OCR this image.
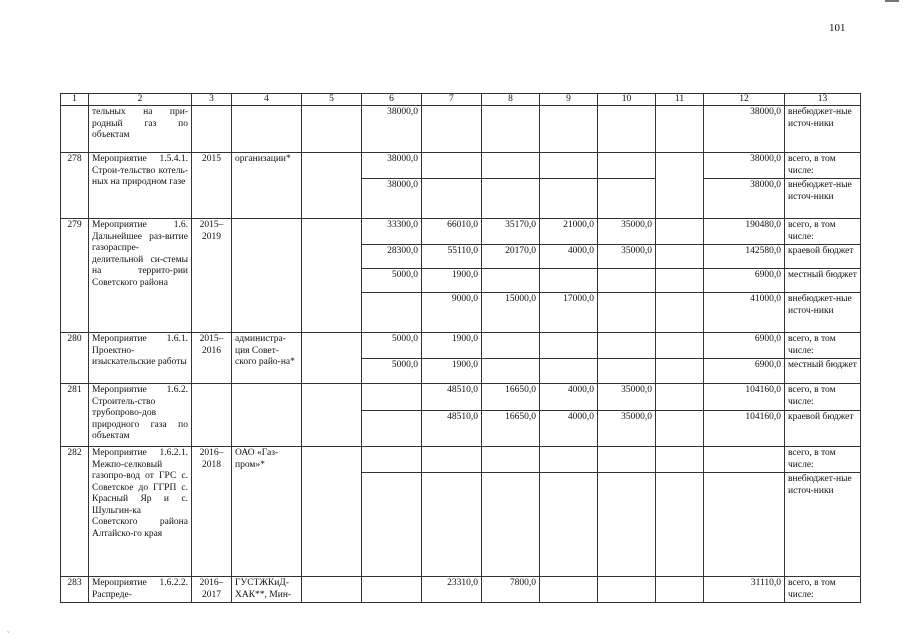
101
1	2	3	4	5	6	7	8	9	10	11	12	13
	тельных на при-родный газ по объектам				38000,0						38000,0	внебюджет-ные источ-ники
278	Мероприятие 1.5.4.1. Строи-тельство котель-ных на природном газе	2015	организации*		38000,0						38000,0	всего, в том числе:
					38000,0						38000,0	внебюджет-ные источ-ники
279	Мероприятие 1.6. Дальнейшее раз-витие газораспре-делительной си-стемы на террито-рии Советского района	2015–2019			33300,0	66010,0	35170,0	21000,0	35000,0		190480,0	всего, в том числе:
					28300,0	55110,0	20170,0	4000,0	35000,0		142580,0	краевой бюджет
					5000,0	1900,0					6900,0	местный бюджет
						9000,0	15000,0	17000,0			41000,0	внебюджет-ные источ-ники
280	Мероприятие 1.6.1. Проектно-изыскательские работы	2015–2016	администра-ция Совет-ского райо-на*		5000,0	1900,0					6900,0	всего, в том числе:
					5000,0	1900,0					6900,0	местный бюджет
281	Мероприятие 1.6.2. Строитель-ство трубопрово-дов природного газа по объектам					48510,0	16650,0	4000,0	35000,0		104160,0	всего, в том числе:
						48510,0	16650,0	4000,0	35000,0		104160,0	краевой бюджет
282	Мероприятие 1.6.2.1. Межпо-селковый газопро-вод от ГРС с. Советское до ГГРП с. Красный Яр и с. Шульгин-ка Советского района Алтайско-го края	2016–2018	ОАО «Газ-пром»*									всего, в том числе:
												внебюджет-ные источ-ники
283	Мероприятие 1.6.2.2. Распреде-	2016–2017	ГУСТЖКиД-ХАК**, Мин-			23310,0	7800,0				31110,0	всего, в том числе:
ˇ
